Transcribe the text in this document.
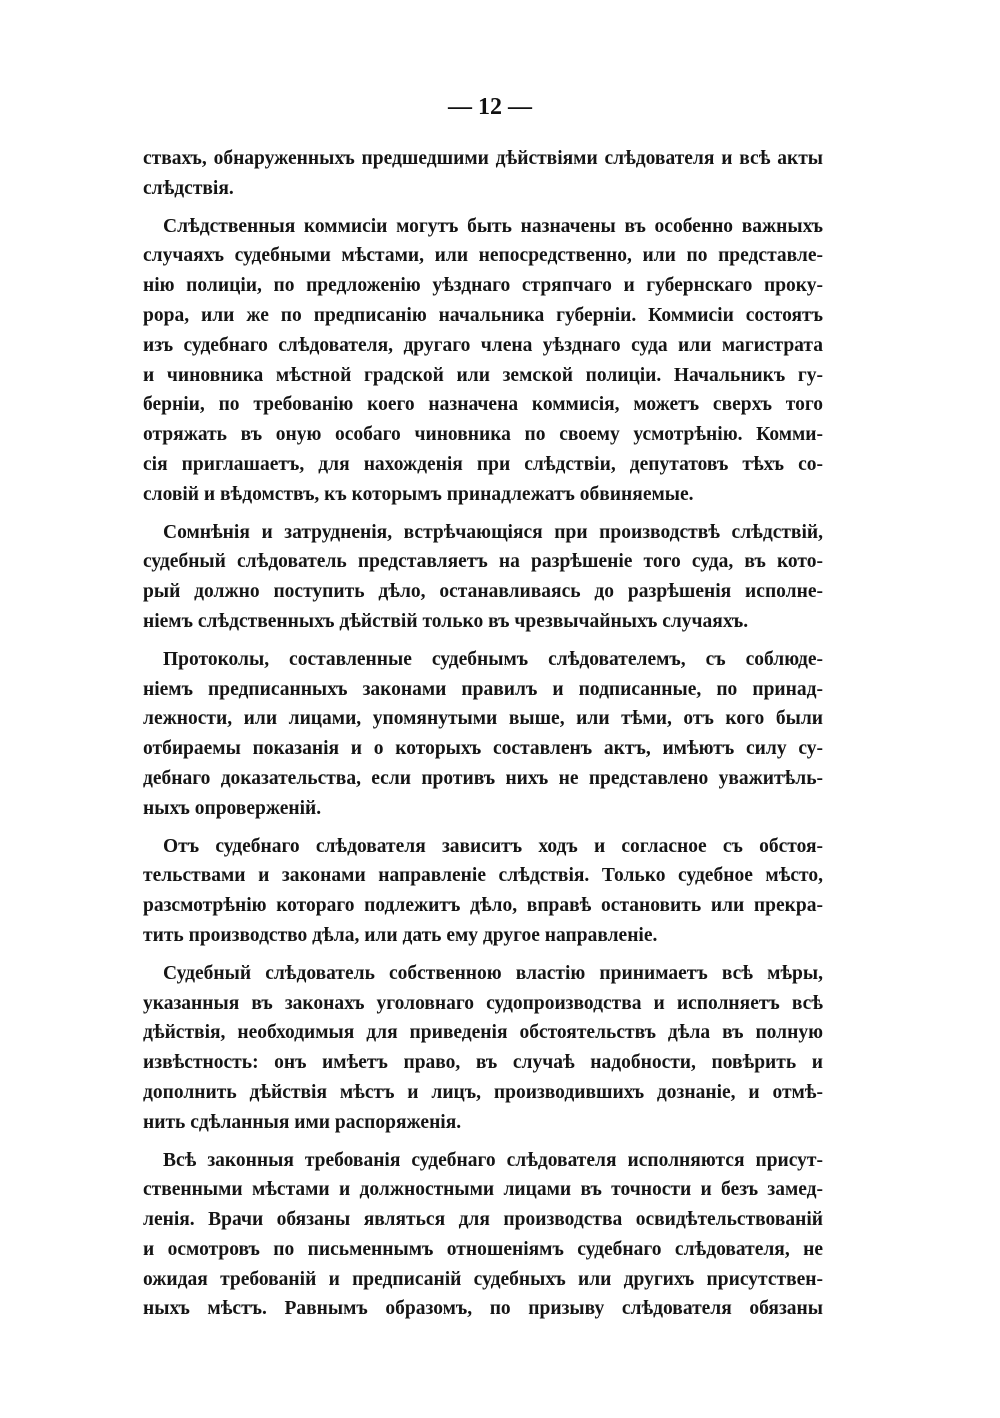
— 12 —
ствахъ, обнаруженныхъ предшедшими дѣйствіями слѣдователя и всѣ акты
слѣдствія.
Слѣдственныя коммисіи могутъ быть назначены въ особенно важныхъ
случаяхъ судебными мѣстами, или непосредственно, или по представле-
нію полиціи, по предложенію уѣзднаго стряпчаго и губернскаго проку-
рора, или же по предписанію начальника губерніи. Коммисіи состоятъ
изъ судебнаго слѣдователя, другаго члена уѣзднаго суда или магистрата
и чиновника мѣстной градской или земской полиціи. Начальникъ гу-
берніи, по требованію коего назначена коммисія, можетъ сверхъ того
отряжать въ оную особаго чиновника по своему усмотрѣнію. Комми-
сія приглашаетъ, для нахожденія при слѣдствіи, депутатовъ тѣхъ со-
словій и вѣдомствъ, къ которымъ принадлежатъ обвиняемые.
Сомнѣнія и затрудненія, встрѣчающіяся при производствѣ слѣдствій,
судебный слѣдователь представляетъ на разрѣшеніе того суда, въ кото-
рый должно поступить дѣло, останавливаясь до разрѣшенія исполне-
ніемъ слѣдственныхъ дѣйствій только въ чрезвычайныхъ случаяхъ.
Протоколы, составленные судебнымъ слѣдователемъ, съ соблюде-
ніемъ предписанныхъ законами правилъ и подписанные, по принад-
лежности, или лицами, упомянутыми выше, или тѣми, отъ кого были
отбираемы показанія и о которыхъ составленъ актъ, имѣютъ силу су-
дебнаго доказательства, если противъ нихъ не представлено уважитѣль-
ныхъ опроверженій.
Отъ судебнаго слѣдователя зависитъ ходъ и согласное съ обстоя-
тельствами и законами направленіе слѣдствія. Только судебное мѣсто,
разсмотрѣнію котораго подлежитъ дѣло, вправѣ остановить или прекра-
тить производство дѣла, или дать ему другое направленіе.
Судебный слѣдователь собственною властію принимаетъ всѣ мѣры,
указанныя въ законахъ уголовнаго судопроизводства и исполняетъ всѣ
дѣйствія, необходимыя для приведенія обстоятельствъ дѣла въ полную
извѣстность: онъ имѣетъ право, въ случаѣ надобности, повѣрить и
дополнить дѣйствія мѣстъ и лицъ, производившихъ дознаніе, и отмѣ-
нить сдѣланныя ими распоряженія.
Всѣ законныя требованія судебнаго слѣдователя исполняются присут-
ственными мѣстами и должностными лицами въ точности и безъ замед-
ленія. Врачи обязаны являться для производства освидѣтельствованій
и осмотровъ по письменнымъ отношеніямъ судебнаго слѣдователя, не
ожидая требованій и предписаній судебныхъ или другихъ присутствен-
ныхъ мѣстъ. Равнымъ образомъ, по призыву слѣдователя обязаны
